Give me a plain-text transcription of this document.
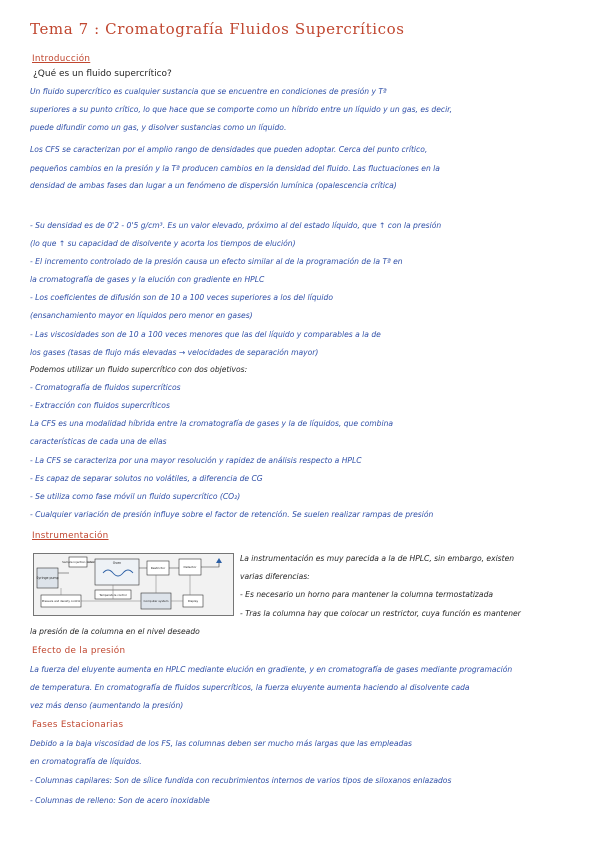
Tema 7 : Cromatografía Fluidos Supercríticos
Introducción
¿Qué es un fluido supercrítico?
Un fluido supercrítico es cualquier sustancia que se encuentre en condiciones de presión y Tª
superiores a su punto crítico, lo que hace que se comporte como un híbrido entre un líquido y un gas, es decir,
puede difundir como un gas, y disolver sustancias como un líquido.
Los CFS se caracterizan por el amplio rango de densidades que pueden adoptar. Cerca del punto crítico,
pequeños cambios en la presión y la Tª producen cambios en la densidad del fluido. Las fluctuaciones en la
densidad de ambas fases dan lugar a un fenómeno de dispersión lumínica (opalescencia crítica)
- Su densidad es de 0'2 - 0'5 g/cm³. Es un valor elevado, próximo al del estado líquido, que ↑ con la presión
(lo que ↑ su capacidad de disolvente y acorta los tiempos de elución)
- El incremento controlado de la presión causa un efecto similar al de la programación de la Tª en
la cromatografía de gases y la elución con gradiente en HPLC
- Los coeficientes de difusión son de 10 a 100 veces superiores a los del líquido
(ensanchamiento mayor en líquidos pero menor en gases)
- Las viscosidades son de 10 a 100 veces menores que las del líquido y comparables a la de
los gases (tasas de flujo más elevadas → velocidades de separación mayor)
Podemos utilizar un fluido supercrítico con dos objetivos:
- Cromatografía de fluidos supercríticos
- Extracción con fluidos supercríticos
La CFS es una modalidad híbrida entre la cromatografía de gases y la de líquidos, que combina
características de cada una de ellas
- La CFS se caracteriza por una mayor resolución y rapidez de análisis respecto a HPLC
- Es capaz de separar solutos no volátiles, a diferencia de CG
- Se utiliza como fase móvil un fluido supercrítico (CO₂)
- Cualquier variación de presión influye sobre el factor de retención. Se suelen realizar rampas de presión
Instrumentación
Syringe pump
Sample injection valve	Oven
Restrictor	Detector
Pressure and density control
Temperature control
Computer system	Display
La instrumentación es muy parecida a la de HPLC, sin embargo, existen
varias diferencias:
- Es necesario un horno para mantener la columna termostatizada
- Tras la columna hay que colocar un restrictor, cuya función es mantener
la presión de la columna en el nivel deseado
Efecto de la presión
La fuerza del eluyente aumenta en HPLC mediante elución en gradiente, y en cromatografía de gases mediante programación
de temperatura. En cromatografía de fluidos supercríticos, la fuerza eluyente aumenta haciendo al disolvente cada
vez más denso (aumentando la presión)
Fases Estacionarias
Debido a la baja viscosidad de los FS, las columnas deben ser mucho más largas que las empleadas
en cromatografía de líquidos.
- Columnas capilares: Son de sílice fundida con recubrimientos internos de varios tipos de siloxanos enlazados
- Columnas de relleno: Son de acero inoxidable
